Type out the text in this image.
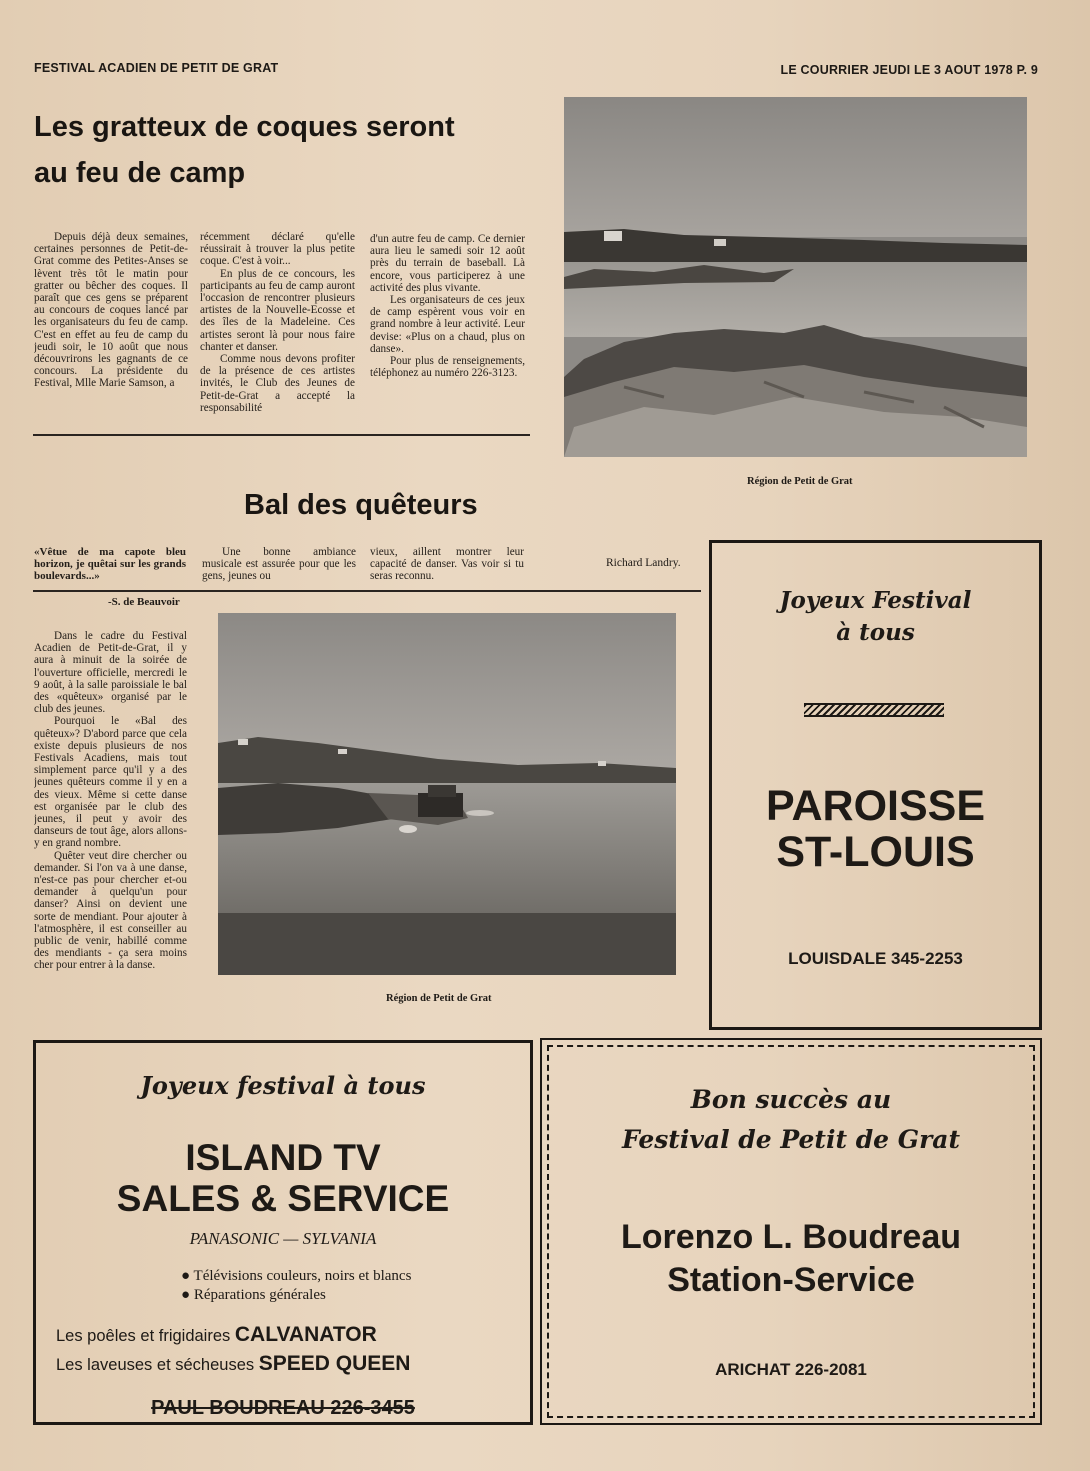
FESTIVAL ACADIEN DE PETIT DE GRAT	LE COURRIER JEUDI LE 3 AOUT 1978 P. 9
Les gratteux de coques seront
au feu de camp

Depuis déjà deux semaines, certaines personnes de Petit-de-Grat comme des Petites-Anses se lèvent très tôt le matin pour gratter ou bêcher des coques. Il paraît que ces gens se préparent au concours de coques lancé par les organisateurs du feu de camp. C'est en effet au feu de camp du jeudi soir, le 10 août que nous découvrirons les gagnants de ce concours. La présidente du Festival, Mlle Marie Samson, a

récemment déclaré qu'elle réussirait à trouver la plus petite coque. C'est à voir...

En plus de ce concours, les participants au feu de camp auront l'occasion de rencontrer plusieurs artistes de la Nouvelle-Ecosse et des îles de la Madeleine. Ces artistes seront là pour nous faire chanter et danser.

Comme nous devons profiter de la présence de ces artistes invités, le Club des Jeunes de Petit-de-Grat a accepté la responsabilité

d'un autre feu de camp. Ce dernier aura lieu le samedi soir 12 août près du terrain de baseball. Là encore, vous participerez à une activité des plus vivante.

Les organisateurs de ces jeux de camp espèrent vous voir en grand nombre à leur activité. Leur devise: «Plus on a chaud, plus on danse».

Pour plus de renseignements, téléphonez au numéro 226-3123.

Région de Petit de Grat
Bal des quêteurs

«Vêtue de ma capote bleu horizon, je quêtai sur les grands boulevards...»

-S. de Beauvoir

Une bonne ambiance musicale est assurée pour que les gens, jeunes ou

vieux, aillent montrer leur capacité de danser. Vas voir si tu seras reconnu.

Richard Landry.

Dans le cadre du Festival Acadien de Petit-de-Grat, il y aura à minuit de la soirée de l'ouverture officielle, mercredi le 9 août, à la salle paroissiale le bal des «quêteux» organisé par le club des jeunes.

Pourquoi le «Bal des quêteux»? D'abord parce que cela existe depuis plusieurs de nos Festivals Acadiens, mais tout simplement parce qu'il y a des jeunes quêteurs comme il y en a des vieux. Même si cette danse est organisée par le club des jeunes, il peut y avoir des danseurs de tout âge, alors allons-y en grand nombre.

Quêter veut dire chercher ou demander. Si l'on va à une danse, n'est-ce pas pour chercher et-ou demander à quelqu'un pour danser? Ainsi on devient une sorte de mendiant. Pour ajouter à l'atmosphère, il est conseiller au public de venir, habillé comme des mendiants - ça sera moins cher pour entrer à la danse.

Région de Petit de Grat
Joyeux Festival
à tous
PAROISSE
ST-LOUIS
LOUISDALE 345-2253
Joyeux festival à tous
ISLAND TV
SALES & SERVICE
PANASONIC — SYLVANIA
● Télévisions couleurs, noirs et blancs
● Réparations générales
Les poêles et frigidaires CALVANATOR
Les laveuses et sécheuses SPEED QUEEN
PAUL BOUDREAU 226-3455
Bon succès au
Festival de Petit de Grat
Lorenzo L. Boudreau
Station-Service
ARICHAT 226-2081
